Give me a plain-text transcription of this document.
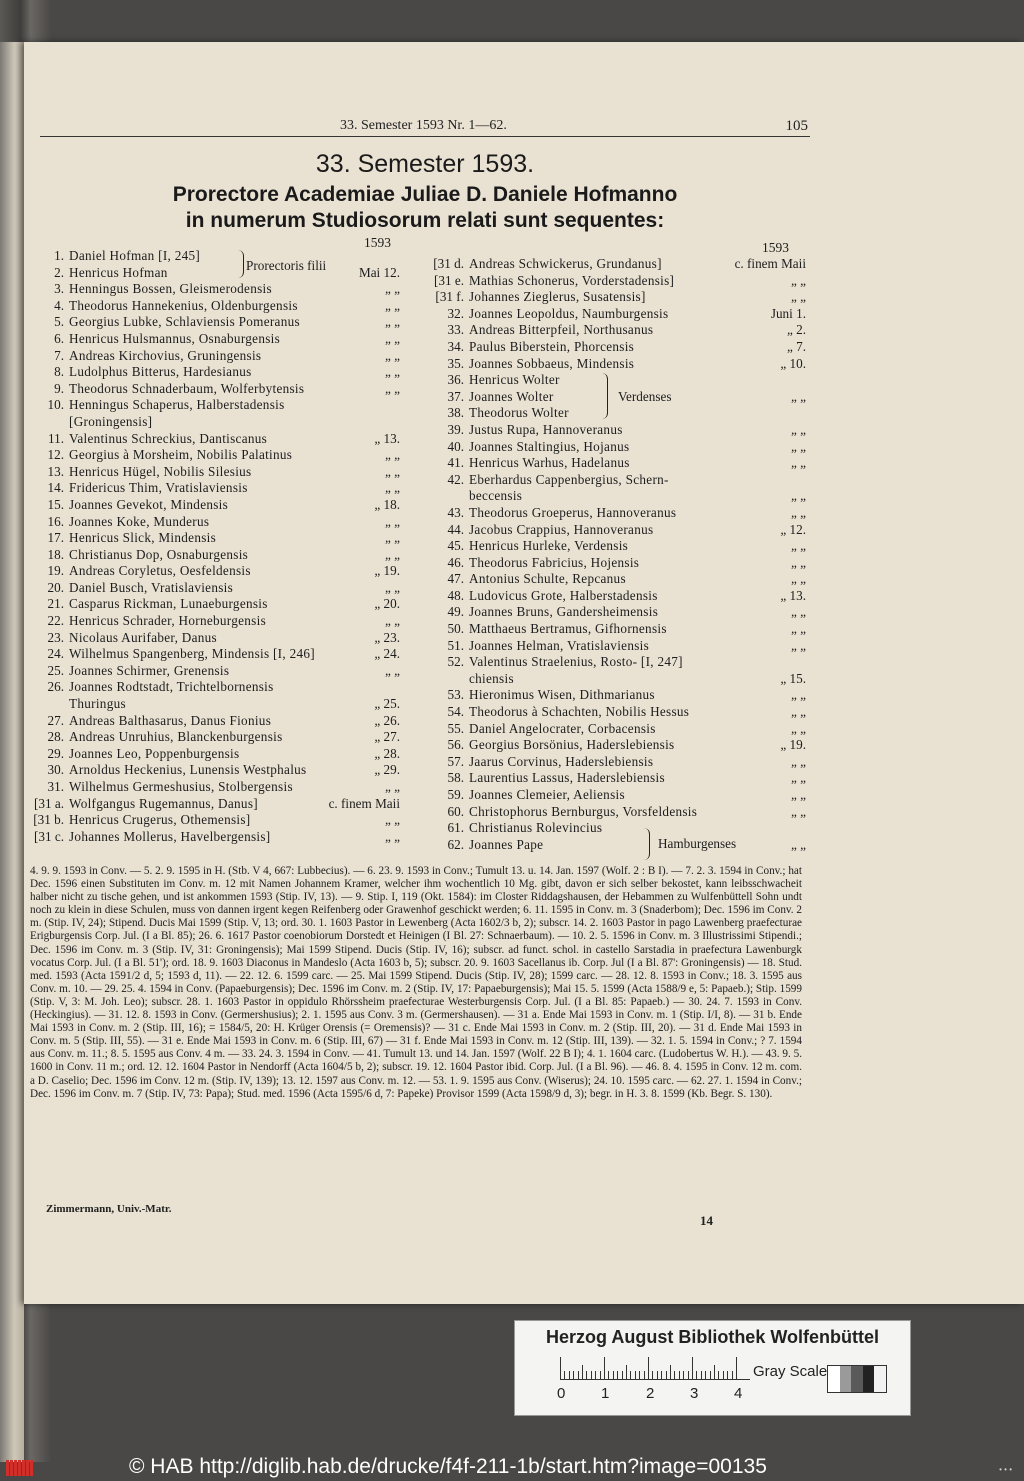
33. Semester 1593 Nr. 1—62.	105
33. Semester 1593.
Prorectore Academiae Juliae D. Daniele Hofmanno
in numerum Studiosorum relati sunt sequentes:
1593	1593
1. Daniel Hofman [I, 245]
2. Henricus Hofman	Mai 12.
3. Henningus Bossen, Gleismerodensis	„ „
4. Theodorus Hannekenius, Oldenburgensis	„ „
5. Georgius Lubke, Schlaviensis Pomeranus	„ „
6. Henricus Hulsmannus, Osnaburgensis	„ „
7. Andreas Kirchovius, Gruningensis	„ „
8. Ludolphus Bitterus, Hardesianus	„ „
9. Theodorus Schnaderbaum, Wolferbytensis	„ „
10. Henningus Schaperus, Halberstadensis
[Groningensis]
11. Valentinus Schreckius, Dantiscanus	„ 13.
12. Georgius à Morsheim, Nobilis Palatinus	„ „
13. Henricus Hügel, Nobilis Silesius	„ „
14. Fridericus Thim, Vratislaviensis	„ „
15. Joannes Gevekot, Mindensis	„ 18.
16. Joannes Koke, Munderus	„ „
17. Henricus Slick, Mindensis	„ „
18. Christianus Dop, Osnaburgensis	„ „
19. Andreas Coryletus, Oesfeldensis	„ 19.
20. Daniel Busch, Vratislaviensis	„ „
21. Casparus Rickman, Lunaeburgensis	„ 20.
22. Henricus Schrader, Horneburgensis	„ „
23. Nicolaus Aurifaber, Danus	„ 23.
24. Wilhelmus Spangenberg, Mindensis [I, 246]	„ 24.
25. Joannes Schirmer, Grenensis	„ „
26. Joannes Rodtstadt, Trichtelbornensis
Thuringus	„ 25.
27. Andreas Balthasarus, Danus Fionius	„ 26.
28. Andreas Unruhius, Blanckenburgensis	„ 27.
29. Joannes Leo, Poppenburgensis	„ 28.
30. Arnoldus Heckenius, Lunensis Westphalus	„ 29.
31. Wilhelmus Germeshusius, Stolbergensis	„ „
[31 a. Wolfgangus Rugemannus, Danus]	c. finem Maii
[31 b. Henricus Crugerus, Othemensis]	„ „
[31 c. Johannes Mollerus, Havelbergensis]	„ „
[31 d. Andreas Schwickerus, Grundanus]	c. finem Maii
[31 e. Mathias Schonerus, Vorderstadensis]	„ „
[31 f. Johannes Zieglerus, Susatensis]	„ „
32. Joannes Leopoldus, Naumburgensis	Juni 1.
33. Andreas Bitterpfeil, Northusanus	„ 2.
34. Paulus Biberstein, Phorcensis	„ 7.
35. Joannes Sobbaeus, Mindensis	„ 10.
36. Henricus Wolter
37. Joannes Wolter	„ „
38. Theodorus Wolter
39. Justus Rupa, Hannoveranus	„ „
40. Joannes Staltingius, Hojanus	„ „
41. Henricus Warhus, Hadelanus	„ „
42. Eberhardus Cappenbergius, Schern-
beccensis	„ „
43. Theodorus Groeperus, Hannoveranus	„ „
44. Jacobus Crappius, Hannoveranus	„ 12.
45. Henricus Hurleke, Verdensis	„ „
46. Theodorus Fabricius, Hojensis	„ „
47. Antonius Schulte, Repcanus	„ „
48. Ludovicus Grote, Halberstadensis	„ 13.
49. Joannes Bruns, Gandersheimensis	„ „
50. Matthaeus Bertramus, Gifhornensis	„ „
51. Joannes Helman, Vratislaviensis	„ „
52. Valentinus Straelenius, Rosto- [I, 247]
chiensis	„ 15.
53. Hieronimus Wisen, Dithmarianus	„ „
54. Theodorus à Schachten, Nobilis Hessus	„ „
55. Daniel Angelocrater, Corbacensis	„ „
56. Georgius Borsönius, Haderslebiensis	„ 19.
57. Jaarus Corvinus, Haderslebiensis	„ „
58. Laurentius Lassus, Haderslebiensis	„ „
59. Joannes Clemeier, Aeliensis	„ „
60. Christophorus Bernburgus, Vorsfeldensis	„ „
61. Christianus Rolevincius
62. Joannes Pape	„ „
Prorectoris filii
Verdenses
Hamburgenses

4. 9. 9. 1593 in Conv. — 5. 2. 9. 1595 in H. (Stb. V 4, 667: Lubbecius). — 6. 23. 9. 1593 in Conv.; Tumult 13. u. 14. Jan. 1597 (Wolf. 2 : B I). — 7. 2. 3. 1594 in Conv.; hat Dec. 1596 einen Substituten im Conv. m. 12 mit Namen Johannem Kramer, welcher ihm wochentlich 10 Mg. gibt, davon er sich selber bekostet, kann leibsschwacheit halber nicht zu tische gehen, und ist ankommen 1593 (Stip. IV, 13). — 9. Stip. I, 119 (Okt. 1584): im Closter Riddagshausen, der Hebammen zu Wulfenbüttell Sohn undt noch zu klein in diese Schulen, muss von dannen irgent kegen Reifenberg oder Grawenhof geschickt werden; 6. 11. 1595 in Conv. m. 3 (Snaderbom); Dec. 1596 im Conv. 2 m. (Stip. IV, 24); Stipend. Ducis Mai 1599 (Stip. V, 13; ord. 30. 1. 1603 Pastor in Lewenberg (Acta 1602/3 b, 2); subscr. 14. 2. 1603 Pastor in pago Lawenberg praefecturae Erigburgensis Corp. Jul. (I a Bl. 85); 26. 6. 1617 Pastor coenobiorum Dorstedt et Heinigen (I Bl. 27: Schnaerbaum). — 10. 2. 5. 1596 in Conv. m. 3 Illustrissimi Stipendi.; Dec. 1596 im Conv. m. 3 (Stip. IV, 31: Groningensis); Mai 1599 Stipend. Ducis (Stip. IV, 16); subscr. ad funct. schol. in castello Sarstadia in praefectura Lawenburgk vocatus Corp. Jul. (I a Bl. 51'); ord. 18. 9. 1603 Diaconus in Mandeslo (Acta 1603 b, 5); subscr. 20. 9. 1603 Sacellanus ib. Corp. Jul (I a Bl. 87': Groningensis) — 18. Stud. med. 1593 (Acta 1591/2 d, 5; 1593 d, 11). — 22. 12. 6. 1599 carc. — 25. Mai 1599 Stipend. Ducis (Stip. IV, 28); 1599 carc. — 28. 12. 8. 1593 in Conv.; 18. 3. 1595 aus Conv. m. 10. — 29. 25. 4. 1594 in Conv. (Papaeburgensis); Dec. 1596 im Conv. m. 2 (Stip. IV, 17: Papaeburgensis); Mai 15. 5. 1599 (Acta 1588/9 e, 5: Papaeb.); Stip. 1599 (Stip. V, 3: M. Joh. Leo); subscr. 28. 1. 1603 Pastor in oppidulo Rhörssheim praefecturae Westerburgensis Corp. Jul. (I a Bl. 85: Papaeb.) — 30. 24. 7. 1593 in Conv. (Heckingius). — 31. 12. 8. 1593 in Conv. (Germershusius); 2. 1. 1595 aus Conv. 3 m. (Germershausen). — 31 a. Ende Mai 1593 in Conv. m. 1 (Stip. I/I, 8). — 31 b. Ende Mai 1593 in Conv. m. 2 (Stip. III, 16); = 1584/5, 20: H. Krüger Orensis (= Oremensis)? — 31 c. Ende Mai 1593 in Conv. m. 2 (Stip. III, 20). — 31 d. Ende Mai 1593 in Conv. m. 5 (Stip. III, 55). — 31 e. Ende Mai 1593 in Conv. m. 6 (Stip. III, 67) — 31 f. Ende Mai 1593 in Conv. m. 12 (Stip. III, 139). — 32. 1. 5. 1594 in Conv.; ? 7. 1594 aus Conv. m. 11.; 8. 5. 1595 aus Conv. 4 m. — 33. 24. 3. 1594 in Conv. — 41. Tumult 13. und 14. Jan. 1597 (Wolf. 22 B I); 4. 1. 1604 carc. (Ludobertus W. H.). — 43. 9. 5. 1600 in Conv. 11 m.; ord. 12. 12. 1604 Pastor in Nendorff (Acta 1604/5 b, 2); subscr. 19. 12. 1604 Pastor ibid. Corp. Jul. (I a Bl. 96). — 46. 8. 4. 1595 in Conv. 12 m. com. a D. Caselio; Dec. 1596 im Conv. 12 m. (Stip. IV, 139); 13. 12. 1597 aus Conv. m. 12. — 53. 1. 9. 1595 aus Conv. (Wiserus); 24. 10. 1595 carc. — 62. 27. 1. 1594 in Conv.; Dec. 1596 im Conv. m. 7 (Stip. IV, 73: Papa); Stud. med. 1596 (Acta 1595/6 d, 7: Papeke) Provisor 1599 (Acta 1598/9 d, 3); begr. in H. 3. 8. 1599 (Kb. Begr. S. 130).

Zimmermann, Univ.-Matr.
14
Herzog August Bibliothek Wolfenbüttel
0 1 2 3 4
Gray Scale
© HAB http://diglib.hab.de/drucke/f4f-211-1b/start.htm?image=00135	• • •
